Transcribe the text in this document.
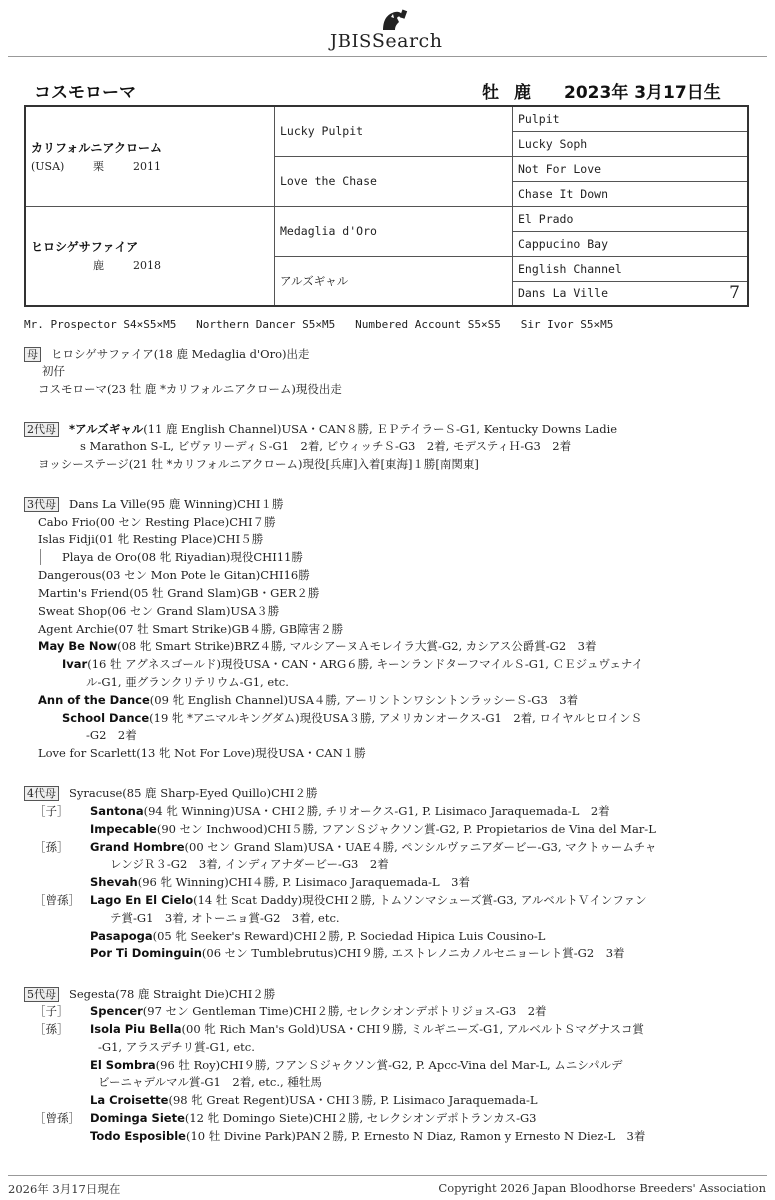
JBISSearch
コスモローマ	牡 鹿 2023年 3月17日生
カリフォルニアクローム
(USA) 栗 2011	Lucky Pulpit	Pulpit
		Lucky Soph
	Love the Chase	Not For Love
		Chase It Down

ヒロシゲサファイア
鹿 2018	Medaglia d'Oro	El Prado
		Cappucino Bay
	アルズギャル	English Channel
		Dans La Ville 7
Mr. Prospector S4×S5×M5   Northern Dancer S5×M5   Numbered Account S5×S5   Sir Ivor S5×M5
母 ヒロシゲサファイア(18 鹿 Medaglia d'Oro)出走
初仔
コスモローマ(23 牡 鹿 *カリフォルニアクローム)現役出走
2代母 *アルズギャル(11 鹿 English Channel)USA・CAN８勝, ＥＰテイラーＳ-G1, Kentucky Downs Ladie
s Marathon S-L, ビヴァリーディＳ-G1　2着, ビウィッチＳ-G3　2着, モデスティＨ-G3　2着
ヨッシーステージ(21 牡 *カリフォルニアクローム)現役[兵庫]入着[東海]１勝[南関東]
3代母 Dans La Ville(95 鹿 Winning)CHI１勝
Cabo Frio(00 セン Resting Place)CHI７勝
Islas Fidji(01 牝 Resting Place)CHI５勝
Playa de Oro(08 牝 Riyadian)現役CHI11勝
Dangerous(03 セン Mon Pote le Gitan)CHI16勝
Martin's Friend(05 牡 Grand Slam)GB・GER２勝
Sweat Shop(06 セン Grand Slam)USA３勝
Agent Archie(07 牡 Smart Strike)GB４勝, GB障害２勝
May Be Now(08 牝 Smart Strike)BRZ４勝, マルシアーヌＡモレイラ大賞-G2, カシアス公爵賞-G2　3着
Ivar(16 牡 アグネスゴールド)現役USA・CAN・ARG６勝, キーンランドターフマイルＳ-G1, ＣＥジュヴェナイ
ル-G1, 亜グランクリテリウム-G1, etc.
Ann of the Dance(09 牝 English Channel)USA４勝, アーリントンワシントンラッシーＳ-G3　3着
School Dance(19 牝 *アニマルキングダム)現役USA３勝, アメリカンオークス-G1　2着, ロイヤルヒロインＳ
-G2　2着
Love for Scarlett(13 牝 Not For Love)現役USA・CAN１勝
4代母 Syracuse(85 鹿 Sharp-Eyed Quillo)CHI２勝
［子］ Santona(94 牝 Winning)USA・CHI２勝, チリオークス-G1, P. Lisimaco Jaraquemada-L　2着
Impecable(90 セン Inchwood)CHI５勝, フアンＳジャクソン賞-G2, P. Propietarios de Vina del Mar-L
［孫］ Grand Hombre(00 セン Grand Slam)USA・UAE４勝, ペンシルヴァニアダービー-G3, マクトゥームチャ
レンジＲ３-G2　3着, インディアナダービー-G3　2着
Shevah(96 牝 Winning)CHI４勝, P. Lisimaco Jaraquemada-L　3着
［曾孫］ Lago En El Cielo(14 牡 Scat Daddy)現役CHI２勝, トムソンマシューズ賞-G3, アルベルトＶインファン
テ賞-G1　3着, オトーニョ賞-G2　3着, etc.
Pasapoga(05 牝 Seeker's Reward)CHI２勝, P. Sociedad Hipica Luis Cousino-L
Por Ti Dominguin(06 セン Tumblebrutus)CHI９勝, エストレノニカノルセニョーレト賞-G2　3着
5代母 Segesta(78 鹿 Straight Die)CHI２勝
［子］ Spencer(97 セン Gentleman Time)CHI２勝, セレクシオンデポトリジョス-G3　2着
［孫］ Isola Piu Bella(00 牝 Rich Man's Gold)USA・CHI９勝, ミルギニーズ-G1, アルベルトＳマグナスコ賞
-G1, アラスデチリ賞-G1, etc.
El Sombra(96 牡 Roy)CHI９勝, フアンＳジャクソン賞-G2, P. Apcc-Vina del Mar-L, ムニシパルデ
ビーニャデルマル賞-G1　2着, etc., 種牡馬
La Croisette(98 牝 Great Regent)USA・CHI３勝, P. Lisimaco Jaraquemada-L
［曾孫］ Dominga Siete(12 牝 Domingo Siete)CHI２勝, セレクシオンデポトランカス-G3
Todo Esposible(10 牡 Divine Park)PAN２勝, P. Ernesto N Diaz, Ramon y Ernesto N Diez-L　3着
2026年 3月17日現在	Copyright 2026 Japan Bloodhorse Breeders' Association
